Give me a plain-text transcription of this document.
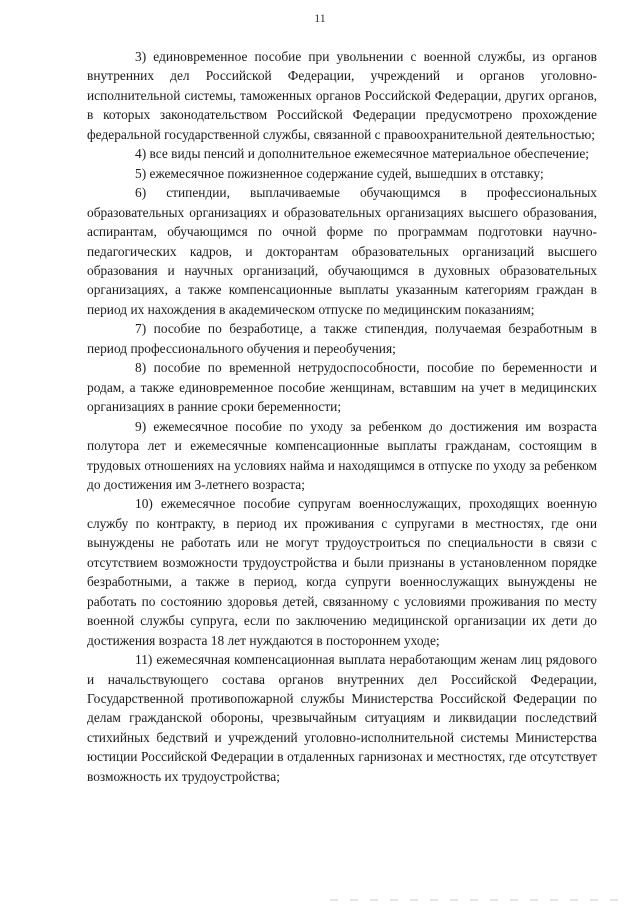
11

3) единовременное пособие при увольнении с военной службы, из органов внутренних дел Российской Федерации, учреждений и органов уголовно-исполнительной системы, таможенных органов Российской Федерации, других органов, в которых законодательством Российской Федерации предусмотрено прохождение федеральной государственной службы, связанной с правоохранительной деятельностью;

4) все виды пенсий и дополнительное ежемесячное материальное обеспечение;

5) ежемесячное пожизненное содержание судей, вышедших в отставку;

6) стипендии, выплачиваемые обучающимся в профессиональных образовательных организациях и образовательных организациях высшего образования, аспирантам, обучающимся по очной форме по программам подготовки научно-педагогических кадров, и докторантам образовательных организаций высшего образования и научных организаций, обучающимся в духовных образовательных организациях, а также компенсационные выплаты указанным категориям граждан в период их нахождения в академическом отпуске по медицинским показаниям;

7) пособие по безработице, а также стипендия, получаемая безработным в период профессионального обучения и переобучения;

8) пособие по временной нетрудоспособности, пособие по беременности и родам, а также единовременное пособие женщинам, вставшим на учет в медицинских организациях в ранние сроки беременности;

9) ежемесячное пособие по уходу за ребенком до достижения им возраста полутора лет и ежемесячные компенсационные выплаты гражданам, состоящим в трудовых отношениях на условиях найма и находящимся в отпуске по уходу за ребенком до достижения им 3-летнего возраста;

10) ежемесячное пособие супругам военнослужащих, проходящих военную службу по контракту, в период их проживания с супругами в местностях, где они вынуждены не работать или не могут трудоустроиться по специальности в связи с отсутствием возможности трудоустройства и были признаны в установленном порядке безработными, а также в период, когда супруги военнослужащих вынуждены не работать по состоянию здоровья детей, связанному с условиями проживания по месту военной службы супруга, если по заключению медицинской организации их дети до достижения возраста 18 лет нуждаются в постороннем уходе;

11) ежемесячная компенсационная выплата неработающим женам лиц рядового и начальствующего состава органов внутренних дел Российской Федерации, Государственной противопожарной службы Министерства Российской Федерации по делам гражданской обороны, чрезвычайным ситуациям и ликвидации последствий стихийных бедствий и учреждений уголовно-исполнительной системы Министерства юстиции Российской Федерации в отдаленных гарнизонах и местностях, где отсутствует возможность их трудоустройства;
